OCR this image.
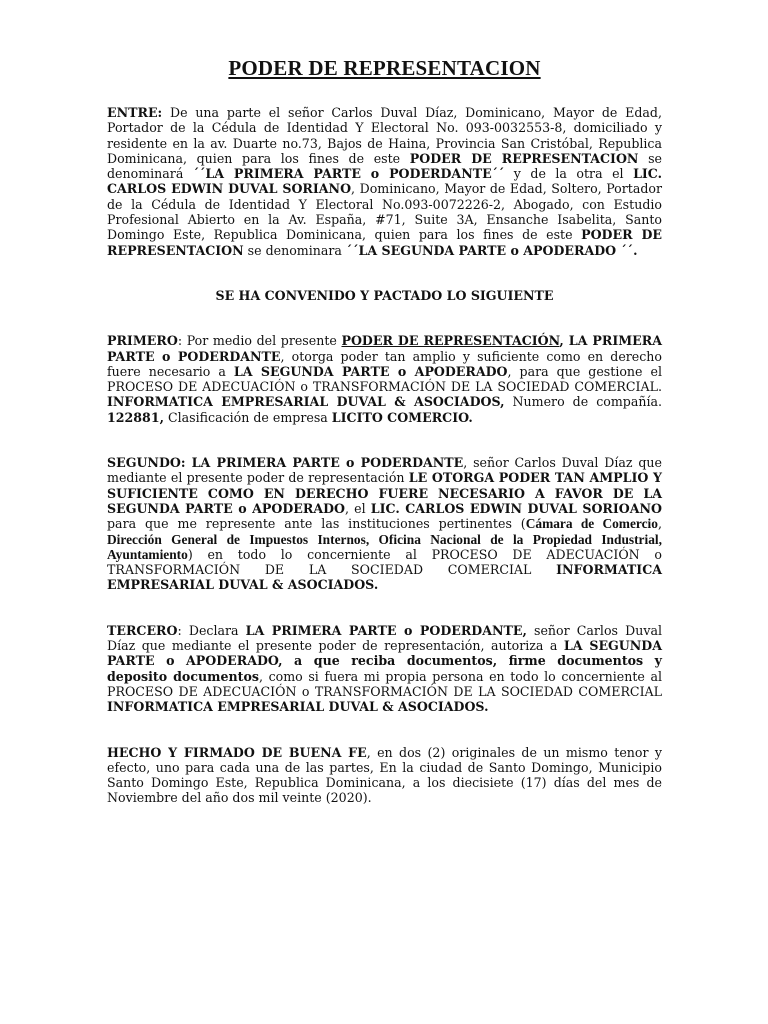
PODER DE REPRESENTACION

ENTRE: De una parte el señor Carlos Duval Díaz, Dominicano, Mayor de Edad, Portador de la Cédula de Identidad Y Electoral No. 093-0032553-8, domiciliado y residente en la av. Duarte no.73, Bajos de Haina, Provincia San Cristóbal, Republica Dominicana, quien para los fines de este PODER DE REPRESENTACION se denominará ´´LA PRIMERA PARTE o PODERDANTE´´ y de la otra el LIC. CARLOS EDWIN DUVAL SORIANO, Dominicano, Mayor de Edad, Soltero, Portador de la Cédula de Identidad Y Electoral No.093-0072226-2, Abogado, con Estudio Profesional Abierto en la Av. España, #71, Suite 3A, Ensanche Isabelita, Santo Domingo Este, Republica Dominicana, quien para los fines de este PODER DE REPRESENTACION se denominara ´´LA SEGUNDA PARTE o APODERADO ´´.

SE HA CONVENIDO Y PACTADO LO SIGUIENTE

PRIMERO: Por medio del presente PODER DE REPRESENTACIÓN, LA PRIMERA PARTE o PODERDANTE, otorga poder tan amplio y suficiente como en derecho fuere necesario a LA SEGUNDA PARTE o APODERADO, para que gestione el PROCESO DE ADECUACIÓN o TRANSFORMACIÓN DE LA SOCIEDAD COMERCIAL. INFORMATICA EMPRESARIAL DUVAL & ASOCIADOS, Numero de compañía. 122881, Clasificación de empresa LICITO COMERCIO.

SEGUNDO: LA PRIMERA PARTE o PODERDANTE, señor Carlos Duval Díaz que mediante el presente poder de representación LE OTORGA PODER TAN AMPLIO Y SUFICIENTE COMO EN DERECHO FUERE NECESARIO A FAVOR DE LA SEGUNDA PARTE o APODERADO, el LIC. CARLOS EDWIN DUVAL SORIOANO para que me represente ante las instituciones pertinentes (Cámara de Comercio, Dirección General de Impuestos Internos, Oficina Nacional de la Propiedad Industrial, Ayuntamiento) en todo lo concerniente al PROCESO DE ADECUACIÓN o TRANSFORMACIÓN DE LA SOCIEDAD COMERCIAL INFORMATICA EMPRESARIAL DUVAL & ASOCIADOS.

TERCERO: Declara LA PRIMERA PARTE o PODERDANTE, señor Carlos Duval Díaz que mediante el presente poder de representación, autoriza a LA SEGUNDA PARTE o APODERADO, a que reciba documentos, firme documentos y deposito documentos, como si fuera mi propia persona en todo lo concerniente al PROCESO DE ADECUACIÓN o TRANSFORMACIÓN DE LA SOCIEDAD COMERCIAL INFORMATICA EMPRESARIAL DUVAL & ASOCIADOS.

HECHO Y FIRMADO DE BUENA FE, en dos (2) originales de un mismo tenor y efecto, uno para cada una de las partes, En la ciudad de Santo Domingo, Municipio Santo Domingo Este, Republica Dominicana, a los diecisiete (17) días del mes de Noviembre del año dos mil veinte (2020).
